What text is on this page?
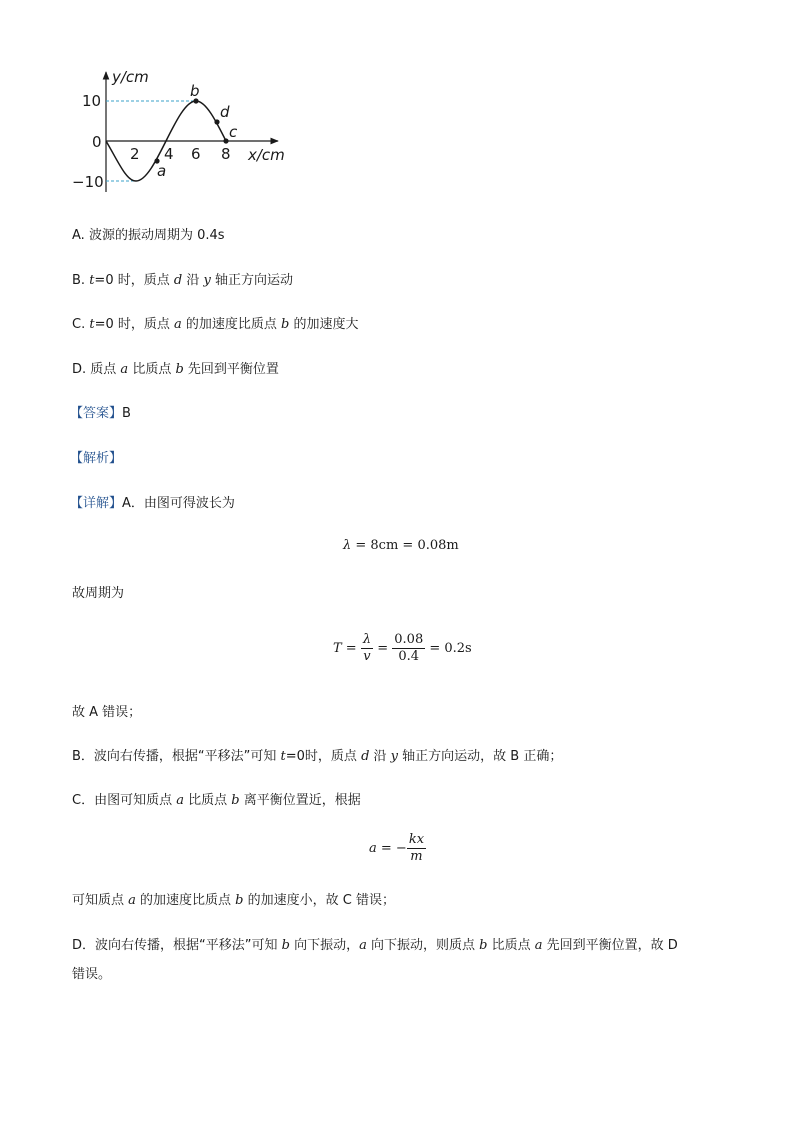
10
0
−10
2 4 6 8
y/cm
x/cm
a
b
d
c
A. 波源的振动周期为 0.4s
B. t=0 时，质点 d 沿 y 轴正方向运动
C. t=0 时，质点 a 的加速度比质点 b 的加速度大
D. 质点 a 比质点 b 先回到平衡位置
【答案】B
【解析】
【详解】A．由图可得波长为
λ = 8cm = 0.08m
故周期为
$T = \frac{\lambda}{v} = \frac{0.08}{0.4} = 0.2s$
故 A 错误；
B．波向右传播，根据“平移法”可知 t=0时，质点 d 沿 y 轴正方向运动，故 B 正确；
C．由图可知质点 a 比质点 b 离平衡位置近，根据
a = − $\frac{kx}{m}$
可知质点 a 的加速度比质点 b 的加速度小，故 C 错误；
D．波向右传播，根据“平移法”可知 b 向下振动，a 向下振动，则质点 b 比质点 a 先回到平衡位置，故 D
错误。
